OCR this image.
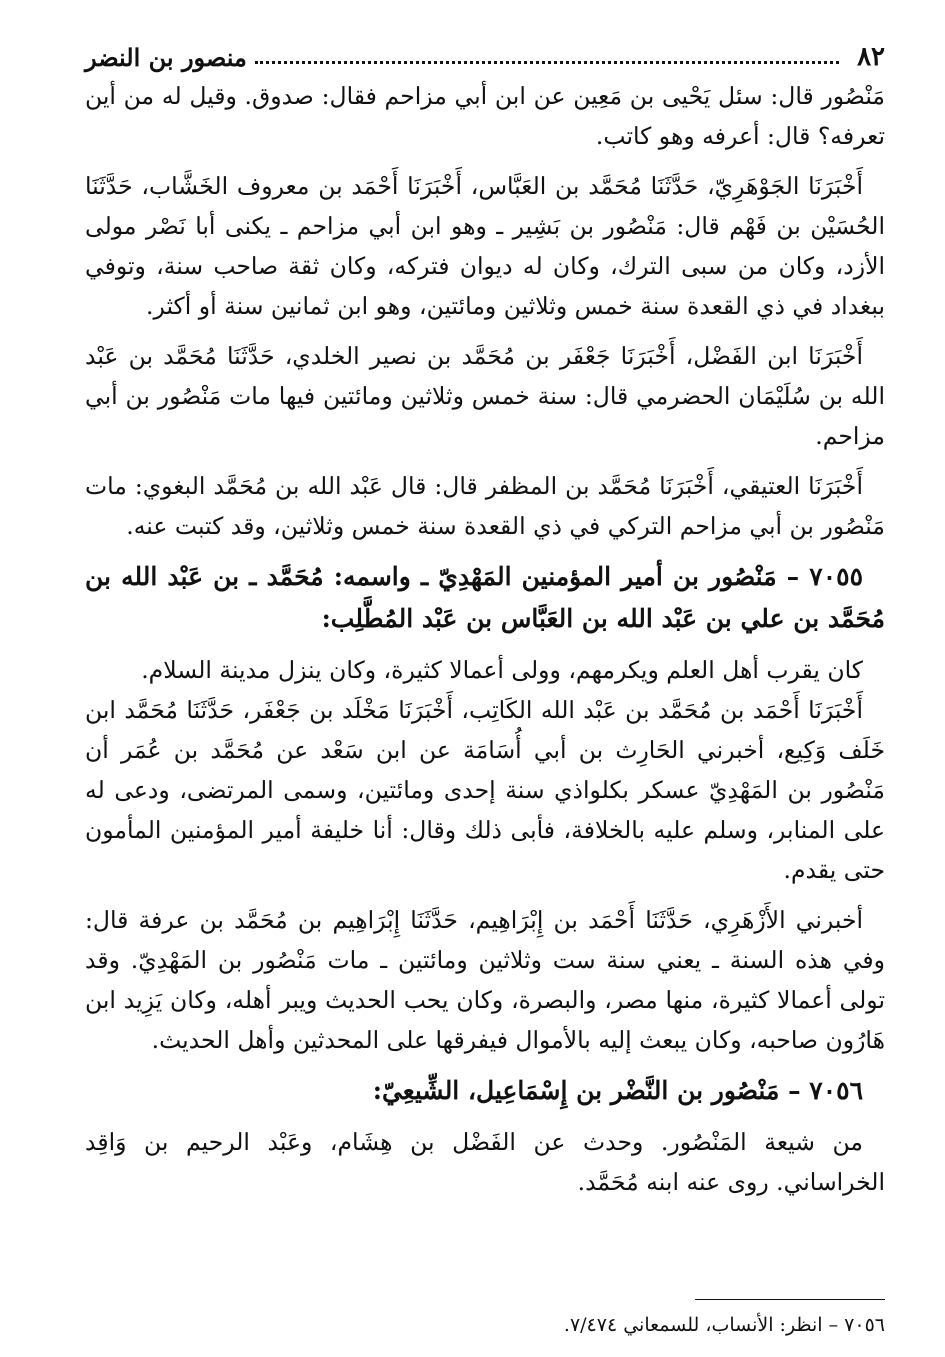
٨٢
منصور بن النضر

مَنْصُور قال: سئل يَحْيى بن مَعِين عن ابن أبي مزاحم فقال: صدوق. وقيل له من أين تعرفه؟ قال: أعرفه وهو كاتب.

أَخْبَرَنَا الجَوْهَرِيّ، حَدَّثَنَا مُحَمَّد بن العَبَّاس، أَخْبَرَنَا أَحْمَد بن معروف الخَشَّاب، حَدَّثَنَا الحُسَيْن بن فَهْم قال: مَنْصُور بن بَشِير ـ وهو ابن أبي مزاحم ـ يكنى أبا نَصْر مولى الأزد، وكان من سبى الترك، وكان له ديوان فتركه، وكان ثقة صاحب سنة، وتوفي ببغداد في ذي القعدة سنة خمس وثلاثين ومائتين، وهو ابن ثمانين سنة أو أكثر.

أَخْبَرَنَا ابن الفَضْل، أَخْبَرَنَا جَعْفَر بن مُحَمَّد بن نصير الخلدي، حَدَّثَنَا مُحَمَّد بن عَبْد الله بن سُلَيْمَان الحضرمي قال: سنة خمس وثلاثين ومائتين فيها مات مَنْصُور بن أبي مزاحم.

أَخْبَرَنَا العتيقي، أَخْبَرَنَا مُحَمَّد بن المظفر قال: قال عَبْد الله بن مُحَمَّد البغوي: مات مَنْصُور بن أبي مزاحم التركي في ذي القعدة سنة خمس وثلاثين، وقد كتبت عنه.

٧٠٥٥ – مَنْصُور بن أمير المؤمنين المَهْدِيّ ـ واسمه: مُحَمَّد ـ بن عَبْد الله بن مُحَمَّد بن علي بن عَبْد الله بن العَبَّاس بن عَبْد المُطَّلِب:

كان يقرب أهل العلم ويكرمهم، وولى أعمالا كثيرة، وكان ينزل مدينة السلام.

أَخْبَرَنَا أَحْمَد بن مُحَمَّد بن عَبْد الله الكَاتِب، أَخْبَرَنَا مَخْلَد بن جَعْفَر، حَدَّثَنَا مُحَمَّد ابن خَلَف وَكِيع، أخبرني الحَارِث بن أبي أُسَامَة عن ابن سَعْد عن مُحَمَّد بن عُمَر أن مَنْصُور بن المَهْدِيّ عسكر بكلواذي سنة إحدى ومائتين، وسمى المرتضى، ودعى له على المنابر، وسلم عليه بالخلافة، فأبى ذلك وقال: أنا خليفة أمير المؤمنين المأمون حتى يقدم.

أخبرني الأَزْهَرِي، حَدَّثَنَا أَحْمَد بن إِبْرَاهِيم، حَدَّثَنَا إِبْرَاهِيم بن مُحَمَّد بن عرفة قال: وفي هذه السنة ـ يعني سنة ست وثلاثين ومائتين ـ مات مَنْصُور بن المَهْدِيّ. وقد تولى أعمالا كثيرة، منها مصر، والبصرة، وكان يحب الحديث ويبر أهله، وكان يَزِيد ابن هَارُون صاحبه، وكان يبعث إليه بالأموال فيفرقها على المحدثين وأهل الحديث.

٧٠٥٦ – مَنْصُور بن النَّضْر بن إِسْمَاعِيل، الشِّيعِيّ:

من شيعة المَنْصُور. وحدث عن الفَضْل بن هِشَام، وعَبْد الرحيم بن وَاقِد الخراساني. روى عنه ابنه مُحَمَّد.

٧٠٥٦ – انظر: الأنساب، للسمعاني ٧/٤٧٤.
